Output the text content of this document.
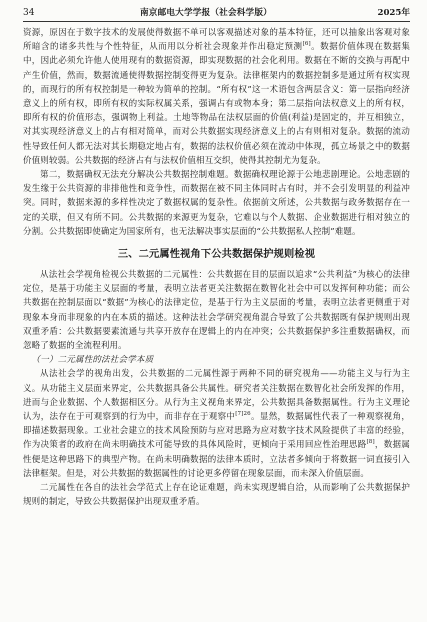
34	南京邮电大学学报（社会科学版）	2025年

资源，原因在于数字技术的发展使得数据不单可以客观描述对象的基本特征，还可以抽象出客观对象所暗含的诸多共性与个性特征，从而用以分析社会现象并作出稳定预测[6]。数据价值体现在数据集中，因此必须允许他人使用现有的数据资源，即实现数据的社会化利用。数据在不断的交换与再配中产生价值，然而，数据流通使得数据控制变得更为复杂。法律框架内的数据控制多是通过所有权实现的，而现行的所有权控制是一种较为简单的控制。“所有权”这一术语包含两层含义：第一层指向经济意义上的所有权，即所有权的实际权属关系，强调占有或物本身；第二层指向法权意义上的所有权，即所有权的价值形态，强调物上利益。土地等物品在法权层面的价值(利益)是固定的，并互相独立，对其实现经济意义上的占有相对简单，而对公共数据实现经济意义上的占有则相对复杂。数据的流动性导致任何人都无法对其长期稳定地占有，数据的法权价值必须在流动中体现，孤立场景之中的数据价值则较弱。公共数据的经济占有与法权价值相互交织，使得其控制尤为复杂。

第二，数据确权无法充分解决公共数据控制难题。数据确权理论源于公地悲剧理论。公地悲剧的发生缘于公共资源的非排他性和竞争性，而数据在被不同主体同时占有时，并不会引发明显的利益冲突。同时，数据来源的多样性决定了数据权属的复杂性。依据前文所述，公共数据与政务数据存在一定的关联，但又有所不同。公共数据的来源更为复杂，它难以与个人数据、企业数据进行相对独立的分割。公共数据即使确定为国家所有，也无法解决事实层面的“公共数据私人控制”难题。

三、二元属性视角下公共数据保护规则检视

从法社会学视角检视公共数据的二元属性：公共数据在目的层面以追求“公共利益”为核心的法律定位，是基于功能主义层面的考量，表明立法者更关注数据在数智化社会中可以发挥何种功能；而公共数据在控制层面以“数据”为核心的法律定位，是基于行为主义层面的考量，表明立法者更侧重于对现象本身而非现象的内在本质的描述。这种法社会学研究视角混合导致了公共数据既有保护规则出现双重矛盾：公共数据要素流通与共享开放存在逻辑上的内在冲突；公共数据保护多注重数据确权，而忽略了数据的全流程利用。

（一）二元属性的法社会学本质

从法社会学的视角出发，公共数据的二元属性源于两种不同的研究视角——功能主义与行为主义。从功能主义层面来界定，公共数据具备公共属性。研究者关注数据在数智化社会所发挥的作用，进而与企业数据、个人数据相区分。从行为主义视角来界定，公共数据具备数据属性。行为主义理论认为，法存在于可观察到的行为中，而非存在于观察中$^{[7]26}$。显然，数据属性代表了一种观察视角，即描述数据现象。工业社会建立的技术风险预防与应对思路为应对数字技术风险提供了丰富的经验，作为决策者的政府在尚未明确技术可能导致的具体风险时，更倾向于采用回应性治理思路[8]，数据属性便是这种思路下的典型产物。在尚未明确数据的法律本质时，立法者多倾向于将数据一词直接引入法律框架。但是，对公共数据的数据属性的讨论更多停留在现象层面，而未深入价值层面。

二元属性在各自的法社会学范式上存在论证难题，尚未实现逻辑自洽，从而影响了公共数据保护规则的制定，导致公共数据保护出现双重矛盾。
